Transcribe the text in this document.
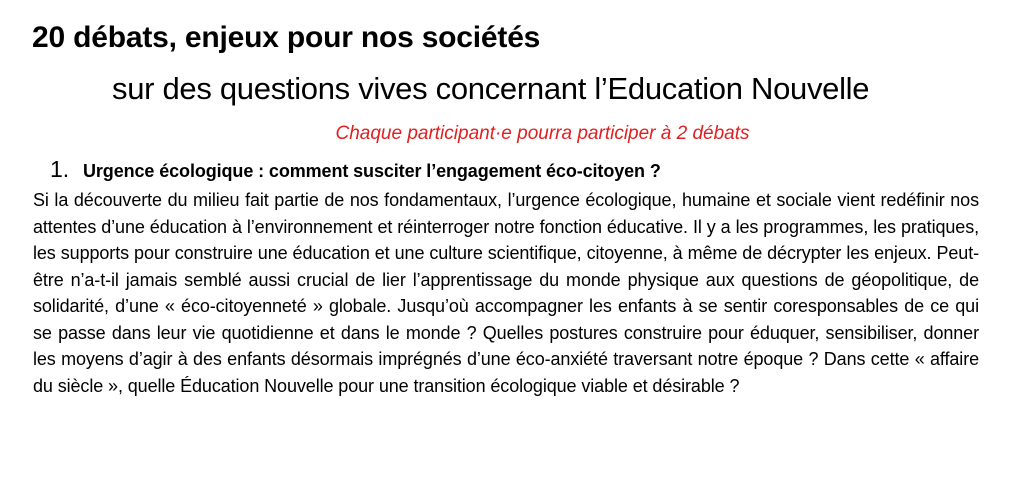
20 débats, enjeux pour nos sociétés
sur des questions vives concernant l’Education Nouvelle
Chaque participant·e pourra participer à 2 débats
1. Urgence écologique : comment susciter l’engagement éco-citoyen ?
Si la découverte du milieu fait partie de nos fondamentaux, l’urgence écologique, humaine et sociale vient redéfinir nos attentes d’une éducation à l’environnement et réinterroger notre fonction éducative. Il y a les programmes, les pratiques, les supports pour construire une éducation et une culture scientifique, citoyenne, à même de décrypter les enjeux. Peut-être n’a-t-il jamais semblé aussi crucial de lier l’apprentissage du monde physique aux questions de géopolitique, de solidarité, d’une « éco-citoyenneté » globale. Jusqu’où accompagner les enfants à se sentir coresponsables de ce qui se passe dans leur vie quotidienne et dans le monde ? Quelles postures construire pour éduquer, sensibiliser, donner les moyens d’agir à des enfants désormais imprégnés d’une éco-anxiété traversant notre époque ? Dans cette « affaire du siècle », quelle Éducation Nouvelle pour une transition écologique viable et désirable ?
